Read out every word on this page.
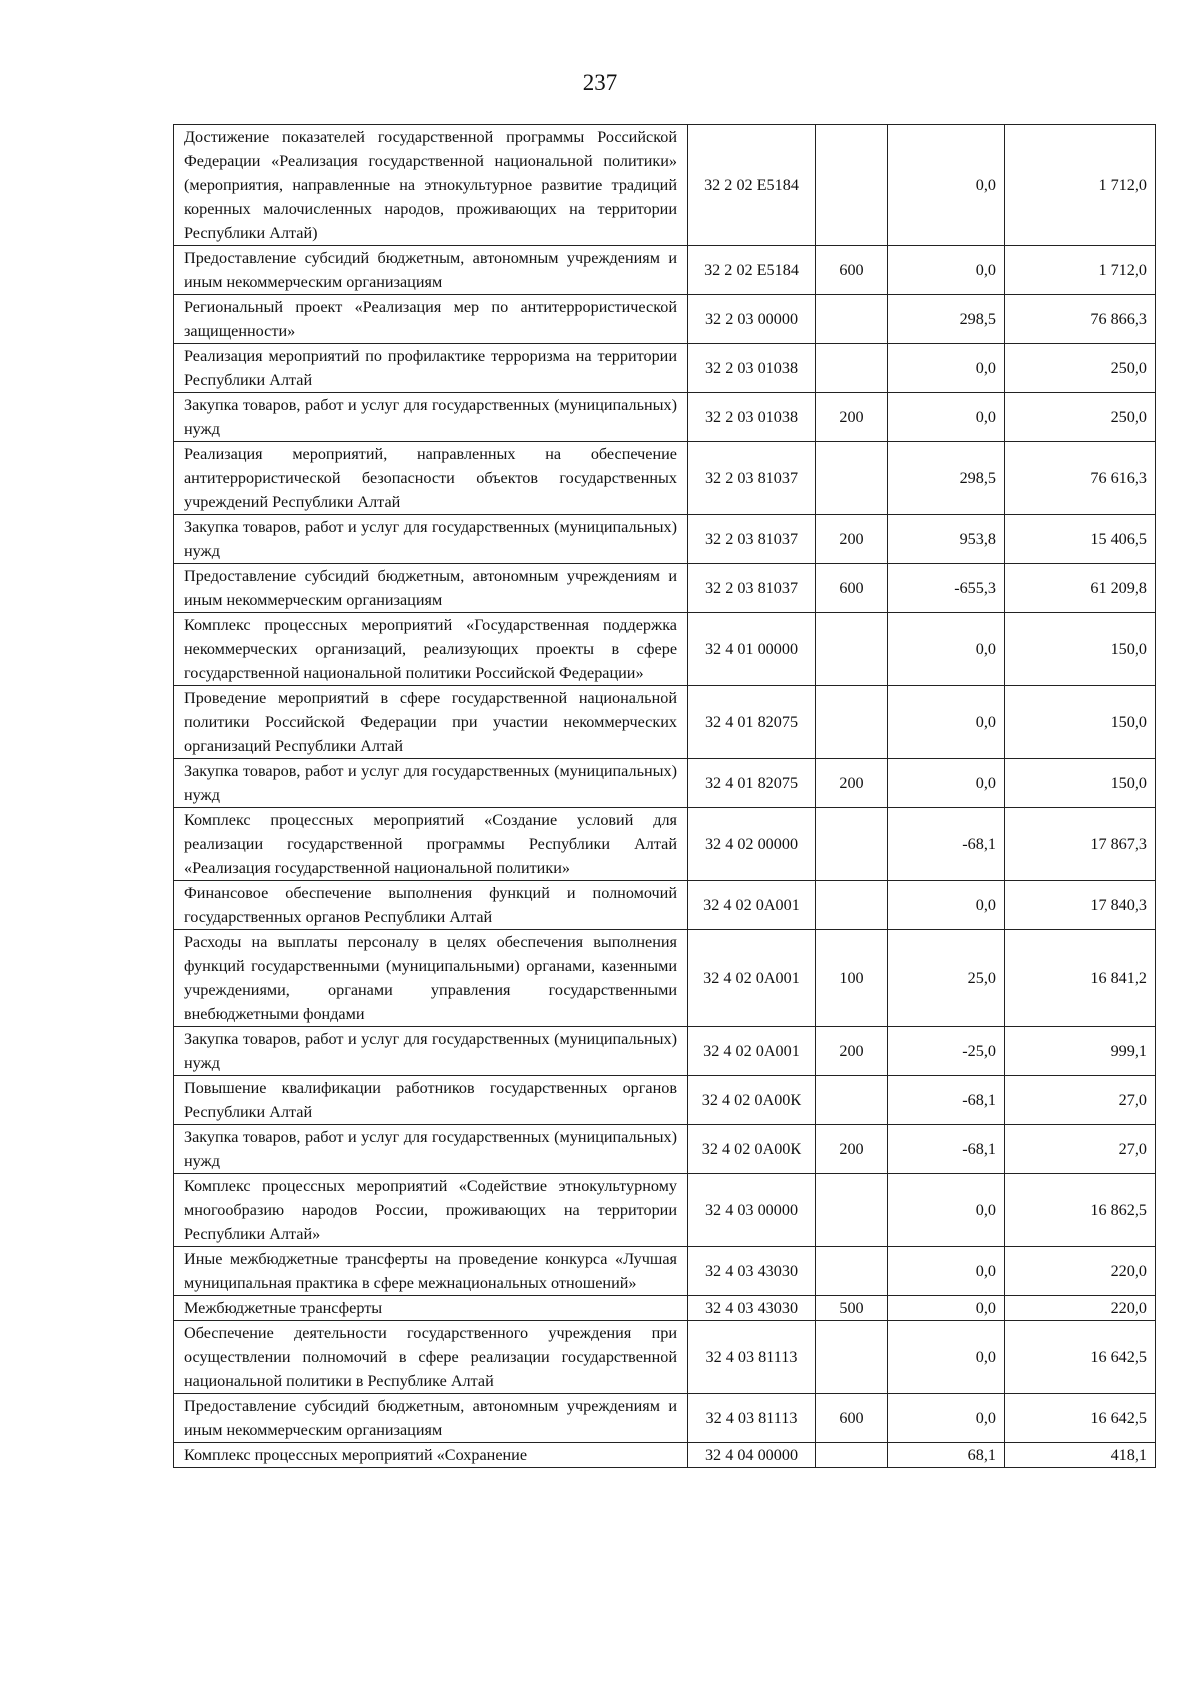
237
Достижение показателей государственной программы Российской Федерации «Реализация государственной национальной политики» (мероприятия, направленные на этнокультурное развитие традиций коренных малочисленных народов, проживающих на территории Республики Алтай)	32 2 02 E5184		0,0	1 712,0
Предоставление субсидий бюджетным, автономным учреждениям и иным некоммерческим организациям	32 2 02 E5184	600	0,0	1 712,0
Региональный проект «Реализация мер по антитеррористической защищенности»	32 2 03 00000		298,5	76 866,3
Реализация мероприятий по профилактике терроризма на территории Республики Алтай	32 2 03 01038		0,0	250,0
Закупка товаров, работ и услуг для государственных (муниципальных) нужд	32 2 03 01038	200	0,0	250,0
Реализация мероприятий, направленных на обеспечение антитеррористической безопасности объектов государственных учреждений Республики Алтай	32 2 03 81037		298,5	76 616,3
Закупка товаров, работ и услуг для государственных (муниципальных) нужд	32 2 03 81037	200	953,8	15 406,5
Предоставление субсидий бюджетным, автономным учреждениям и иным некоммерческим организациям	32 2 03 81037	600	-655,3	61 209,8
Комплекс процессных мероприятий «Государственная поддержка некоммерческих организаций, реализующих проекты в сфере государственной национальной политики Российской Федерации»	32 4 01 00000		0,0	150,0
Проведение мероприятий в сфере государственной национальной политики Российской Федерации при участии некоммерческих организаций Республики Алтай	32 4 01 82075		0,0	150,0
Закупка товаров, работ и услуг для государственных (муниципальных) нужд	32 4 01 82075	200	0,0	150,0
Комплекс процессных мероприятий «Создание условий для реализации государственной программы Республики Алтай «Реализация государственной национальной политики»	32 4 02 00000		-68,1	17 867,3
Финансовое обеспечение выполнения функций и полномочий государственных органов Республики Алтай	32 4 02 0А001		0,0	17 840,3
Расходы на выплаты персоналу в целях обеспечения выполнения функций государственными (муниципальными) органами, казенными учреждениями, органами управления государственными внебюджетными фондами	32 4 02 0А001	100	25,0	16 841,2
Закупка товаров, работ и услуг для государственных (муниципальных) нужд	32 4 02 0А001	200	-25,0	999,1
Повышение квалификации работников государственных органов Республики Алтай	32 4 02 0А00К		-68,1	27,0
Закупка товаров, работ и услуг для государственных (муниципальных) нужд	32 4 02 0А00К	200	-68,1	27,0
Комплекс процессных мероприятий «Содействие этнокультурному многообразию народов России, проживающих на территории Республики Алтай»	32 4 03 00000		0,0	16 862,5
Иные межбюджетные трансферты на проведение конкурса «Лучшая муниципальная практика в сфере межнациональных отношений»	32 4 03 43030		0,0	220,0
Межбюджетные трансферты	32 4 03 43030	500	0,0	220,0
Обеспечение деятельности государственного учреждения при осуществлении полномочий в сфере реализации государственной национальной политики в Республике Алтай	32 4 03 81113		0,0	16 642,5
Предоставление субсидий бюджетным, автономным учреждениям и иным некоммерческим организациям	32 4 03 81113	600	0,0	16 642,5
Комплекс процессных мероприятий «Сохранение	32 4 04 00000		68,1	418,1
